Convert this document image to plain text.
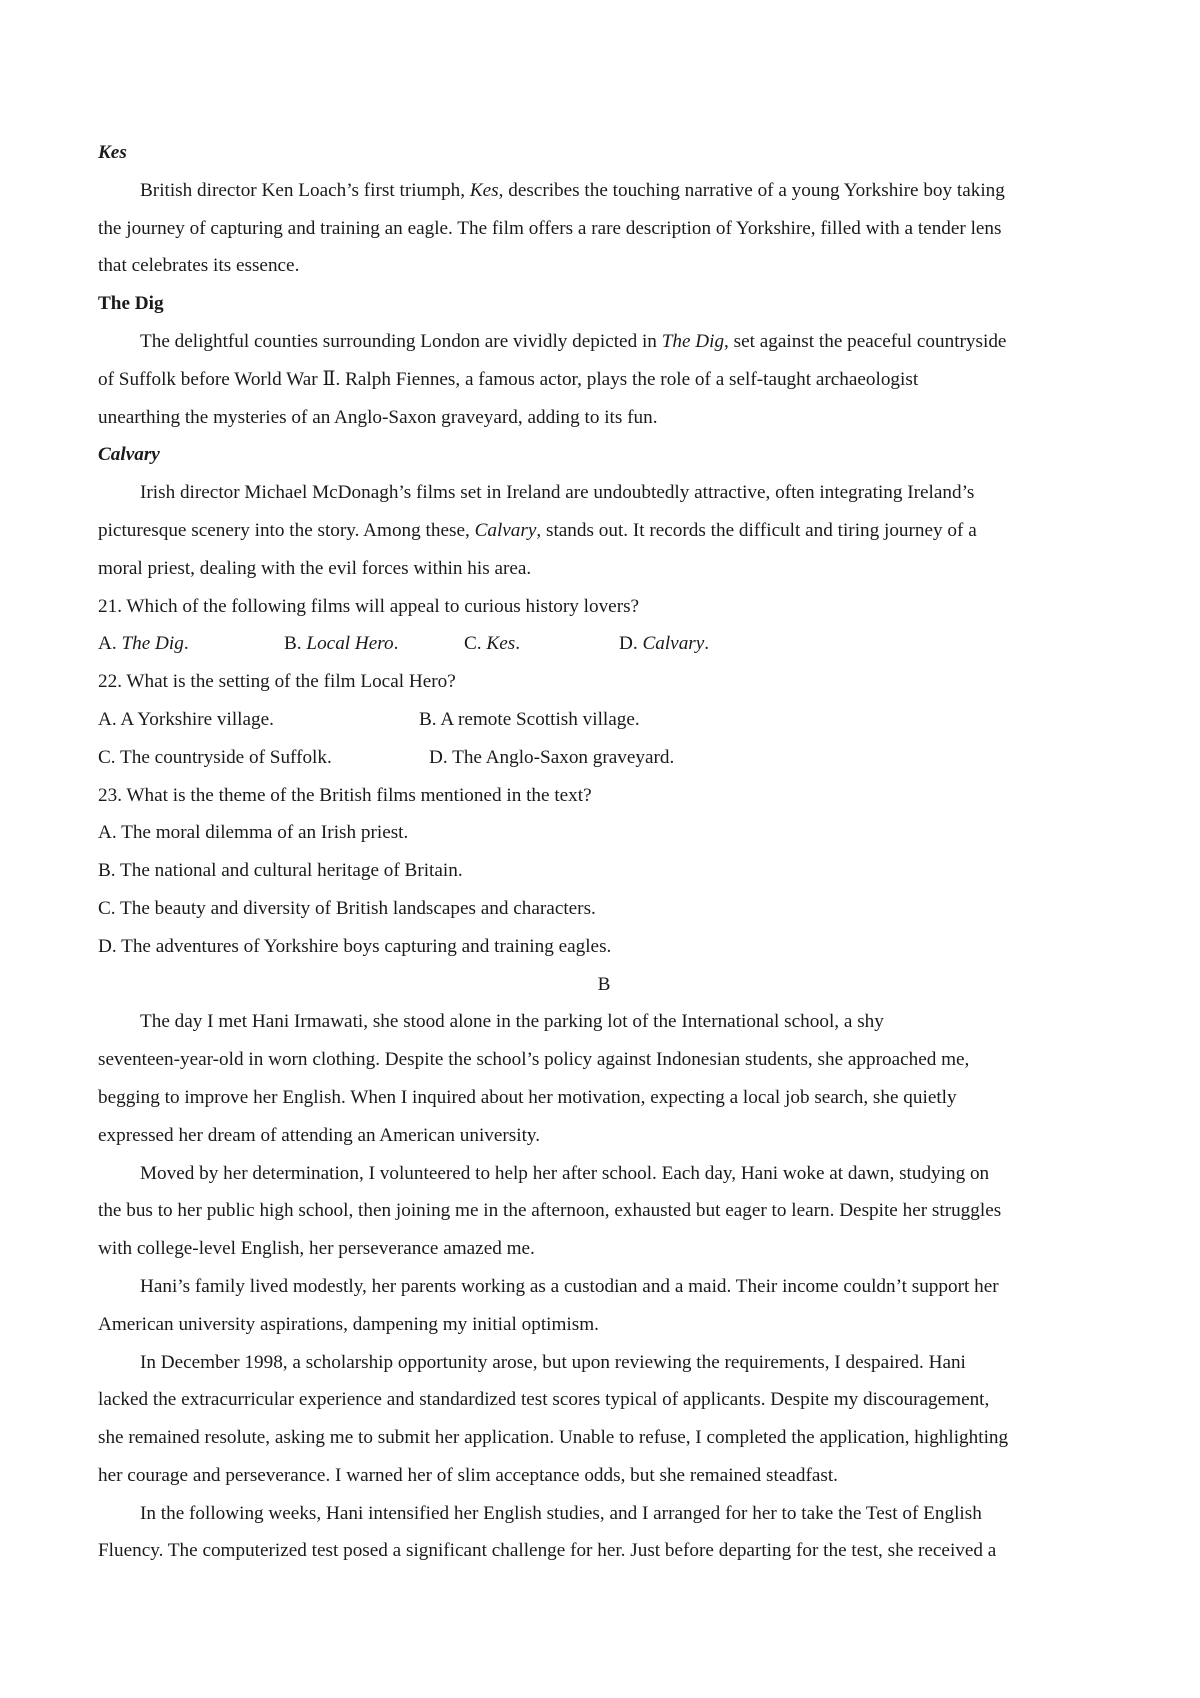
Kes
British director Ken Loach’s first triumph, Kes, describes the touching narrative of a young Yorkshire boy taking
the journey of capturing and training an eagle. The film offers a rare description of Yorkshire, filled with a tender lens
that celebrates its essence.
The Dig
The delightful counties surrounding London are vividly depicted in The Dig, set against the peaceful countryside
of Suffolk before World War Ⅱ. Ralph Fiennes, a famous actor, plays the role of a self-taught archaeologist
unearthing the mysteries of an Anglo-Saxon graveyard, adding to its fun.
Calvary
Irish director Michael McDonagh’s films set in Ireland are undoubtedly attractive, often integrating Ireland’s
picturesque scenery into the story. Among these, Calvary, stands out. It records the difficult and tiring journey of a
moral priest, dealing with the evil forces within his area.
21. Which of the following films will appeal to curious history lovers?
A. The Dig.	B. Local Hero.	C. Kes.	D. Calvary.
22. What is the setting of the film Local Hero?
A. A Yorkshire village.	B. A remote Scottish village.
C. The countryside of Suffolk.	D. The Anglo-Saxon graveyard.
23. What is the theme of the British films mentioned in the text?
A. The moral dilemma of an Irish priest.
B. The national and cultural heritage of Britain.
C. The beauty and diversity of British landscapes and characters.
D. The adventures of Yorkshire boys capturing and training eagles.
B
The day I met Hani Irmawati, she stood alone in the parking lot of the International school, a shy
seventeen-year-old in worn clothing. Despite the school’s policy against Indonesian students, she approached me,
begging to improve her English. When I inquired about her motivation, expecting a local job search, she quietly
expressed her dream of attending an American university.
Moved by her determination, I volunteered to help her after school. Each day, Hani woke at dawn, studying on
the bus to her public high school, then joining me in the afternoon, exhausted but eager to learn. Despite her struggles
with college-level English, her perseverance amazed me.
Hani’s family lived modestly, her parents working as a custodian and a maid. Their income couldn’t support her
American university aspirations, dampening my initial optimism.
In December 1998, a scholarship opportunity arose, but upon reviewing the requirements, I despaired. Hani
lacked the extracurricular experience and standardized test scores typical of applicants. Despite my discouragement,
she remained resolute, asking me to submit her application. Unable to refuse, I completed the application, highlighting
her courage and perseverance. I warned her of slim acceptance odds, but she remained steadfast.
In the following weeks, Hani intensified her English studies, and I arranged for her to take the Test of English
Fluency. The computerized test posed a significant challenge for her. Just before departing for the test, she received a
